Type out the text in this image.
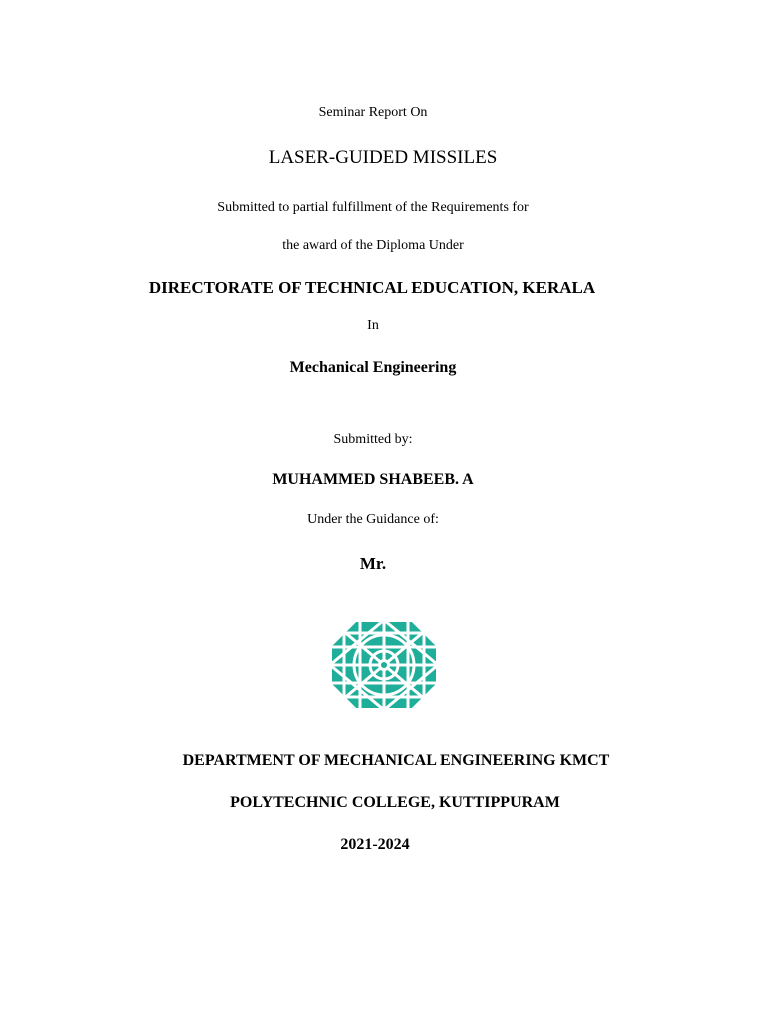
Seminar Report On
LASER-GUIDED MISSILES
Submitted to partial fulfillment of the Requirements for
the award of the Diploma Under
DIRECTORATE OF TECHNICAL EDUCATION, KERALA
In
Mechanical Engineering
Submitted by:
MUHAMMED SHABEEB. A
Under the Guidance of:
Mr.
DEPARTMENT OF MECHANICAL ENGINEERING KMCT
POLYTECHNIC COLLEGE, KUTTIPPURAM
2021-2024
